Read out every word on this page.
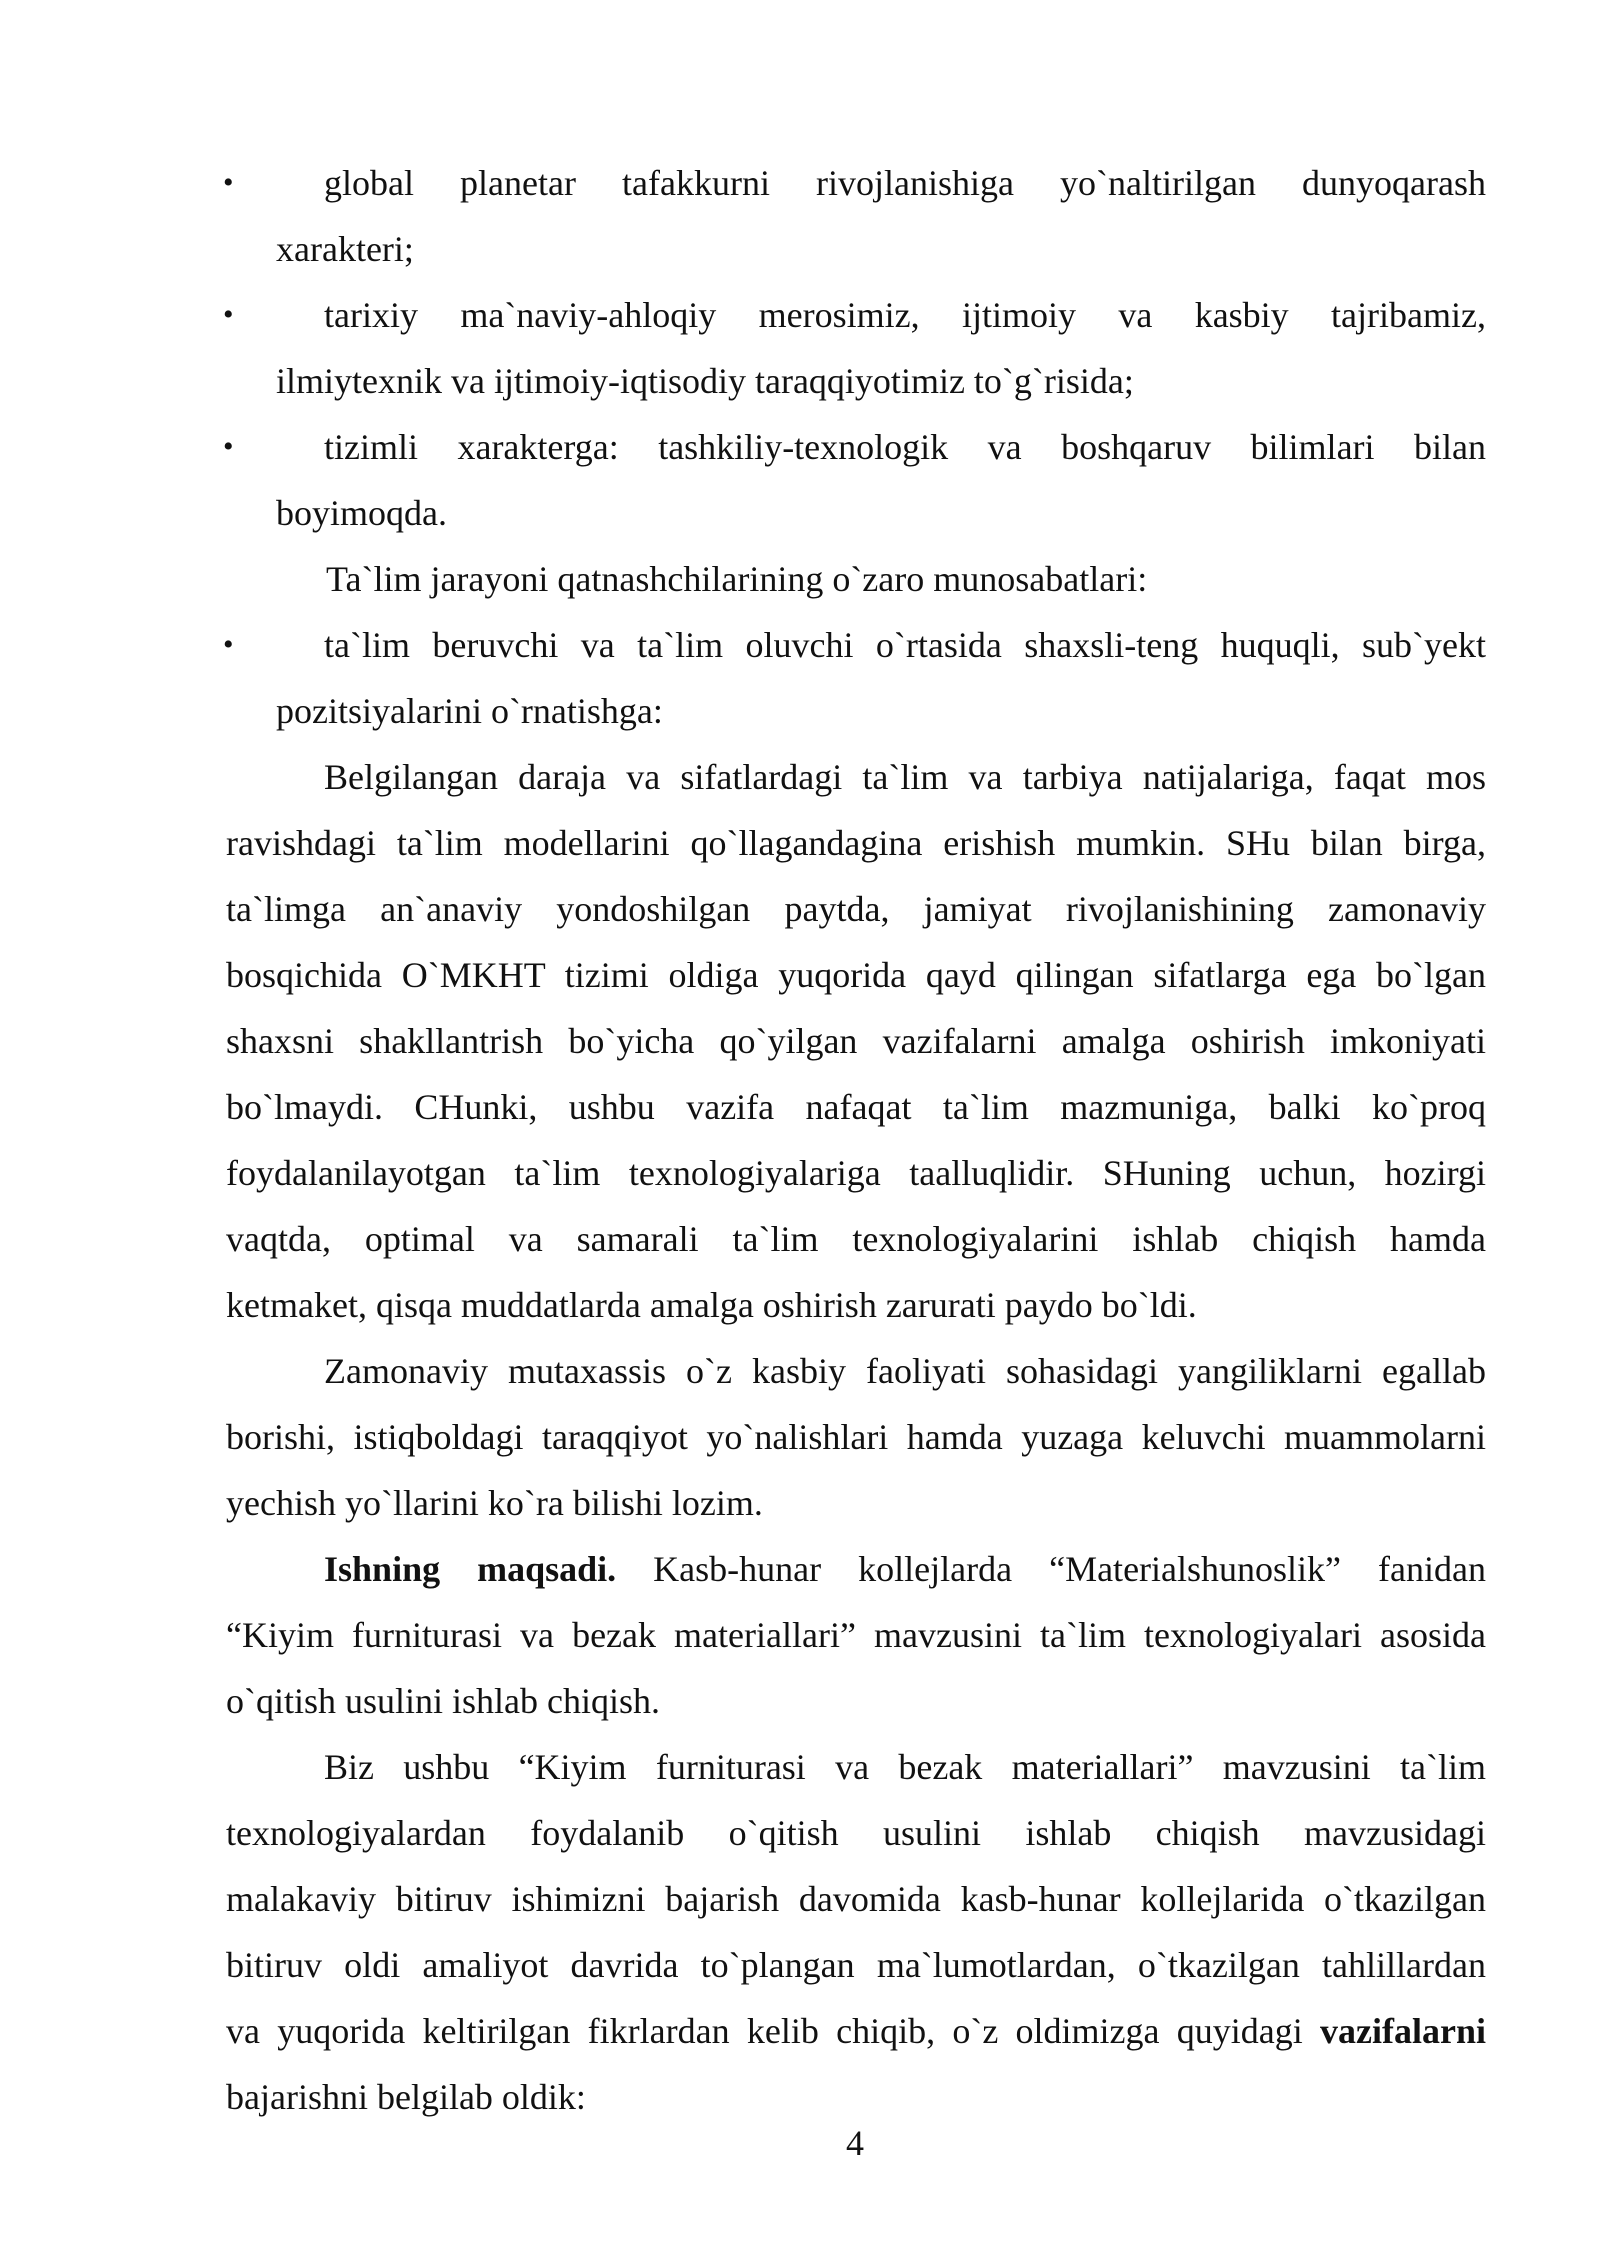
•	global planetar tafakkurni rivojlanishiga yo`naltirilgan dunyoqarash
xarakteri;
•	tarixiy ma`naviy-ahloqiy merosimiz, ijtimoiy va kasbiy tajribamiz,
ilmiytexnik va ijtimoiy-iqtisodiy taraqqiyotimiz to`g`risida;
•	tizimli xarakterga: tashkiliy-texnologik va boshqaruv bilimlari bilan
boyimoqda.
Ta`lim jarayoni qatnashchilarining o`zaro munosabatlari:
•	ta`lim beruvchi va ta`lim oluvchi o`rtasida shaxsli-teng huquqli, sub`yekt
pozitsiyalarini o`rnatishga:
Belgilangan daraja va sifatlardagi ta`lim va tarbiya natijalariga, faqat mos
ravishdagi ta`lim modellarini qo`llagandagina erishish mumkin. SHu bilan birga,
ta`limga an`anaviy yondoshilgan paytda, jamiyat rivojlanishining zamonaviy
bosqichida O`MKHT tizimi oldiga yuqorida qayd qilingan sifatlarga ega bo`lgan
shaxsni shakllantrish bo`yicha qo`yilgan vazifalarni amalga oshirish imkoniyati
bo`lmaydi. CHunki, ushbu vazifa nafaqat ta`lim mazmuniga, balki ko`proq
foydalanilayotgan ta`lim texnologiyalariga taalluqlidir. SHuning uchun, hozirgi
vaqtda, optimal va samarali ta`lim texnologiyalarini ishlab chiqish hamda
ketmaket, qisqa muddatlarda amalga oshirish zarurati paydo bo`ldi.
Zamonaviy mutaxassis o`z kasbiy faoliyati sohasidagi yangiliklarni egallab
borishi, istiqboldagi taraqqiyot yo`nalishlari hamda yuzaga keluvchi muammolarni
yechish yo`llarini ko`ra bilishi lozim.
Ishning maqsadi. Kasb-hunar kollejlarda “Materialshunoslik” fanidan
“Kiyim furniturasi va bezak materiallari” mavzusini ta`lim texnologiyalari asosida
o`qitish usulini ishlab chiqish.
Biz ushbu “Kiyim furniturasi va bezak materiallari” mavzusini ta`lim
texnologiyalardan foydalanib o`qitish usulini ishlab chiqish mavzusidagi
malakaviy bitiruv ishimizni bajarish davomida kasb-hunar kollejlarida o`tkazilgan
bitiruv oldi amaliyot davrida to`plangan ma`lumotlardan, o`tkazilgan tahlillardan
va yuqorida keltirilgan fikrlardan kelib chiqib, o`z oldimizga quyidagi vazifalarni
bajarishni belgilab oldik:
4
